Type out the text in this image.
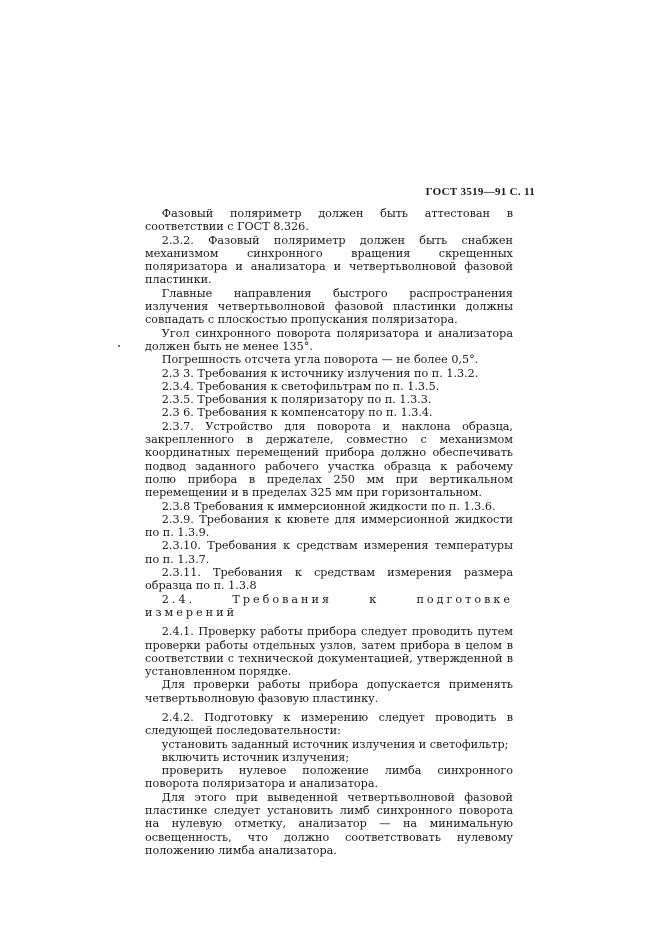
ГОСТ 3519—91 С. 11

Фазовый поляриметр должен быть аттестован в соответствии с ГОСТ 8.326.

2.3.2. Фазовый поляриметр должен быть снабжен механизмом синхронного вращения скрещенных поляризатора и анализатора и четвертьволновой фазовой пластинки.

Главные направления быстрого распространения излучения четвертьволновой фазовой пластинки должны совпадать с плоскостью пропускания поляризатора.

Угол синхронного поворота поляризатора и анализатора должен быть не менее 135°.

Погрешность отсчета угла поворота — не более 0,5°.

2.3 3. Требования к источнику излучения по п. 1.3.2.

2.3.4. Требования к светофильтрам по п. 1.3.5.

2.3.5. Требования к поляризатору по п. 1.3.3.

2.3 6. Требования к компенсатору по п. 1.3.4.

2.3.7. Устройство для поворота и наклона образца, закрепленного в держателе, совместно с механизмом координатных перемещений прибора должно обеспечивать подвод заданного рабочего участка образца к рабочему полю прибора в пределах 250 мм при вертикальном перемещении и в пределах 325 мм при горизонтальном.

2.3.8 Требования к иммерсионной жидкости по п. 1.3.6.

2.3.9. Требования к кювете для иммерсионной жидкости по п. 1.3.9.

2.3.10. Требования к средствам измерения температуры по п. 1.3.7.

2.3.11. Требования к средствам измерения размера образца по п. 1.3.8

2.4. Требования к подготовке измерений

2.4.1. Проверку работы прибора следует проводить путем проверки работы отдельных узлов, затем прибора в целом в соответствии с технической документацией, утвержденной в установленном порядке.

Для проверки работы прибора допускается применять четвертьволновую фазовую пластинку.

2.4.2. Подготовку к измерению следует проводить в следующей последовательности:

установить заданный источник излучения и светофильтр;

включить источник излучения;

проверить нулевое положение лимба синхронного поворота поляризатора и анализатора.

Для этого при выведенной четвертьволновой фазовой пластинке следует установить лимб синхронного поворота на нулевую отметку, анализатор — на минимальную освещенность, что должно соответствовать нулевому положению лимба анализатора.
